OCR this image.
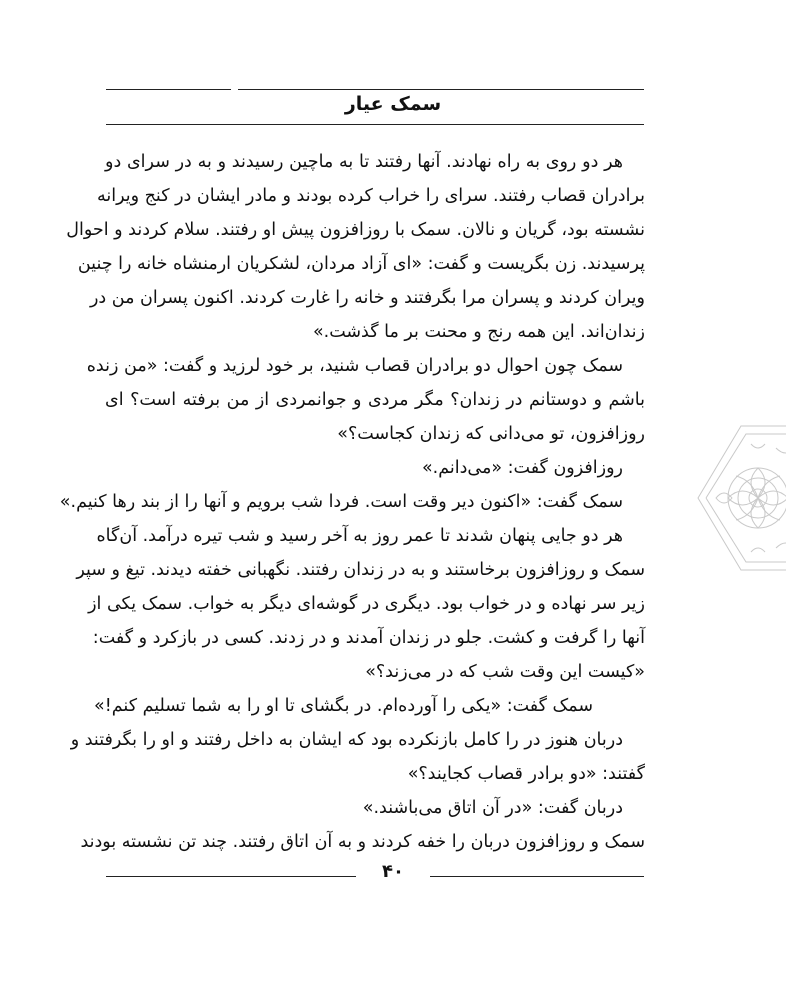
سمک عیار
هر دو روی به راه نهادند. آنها رفتند تا به ماچین رسیدند و به در سرای دو
برادران قصاب رفتند. سرای را خراب کرده بودند و مادر ایشان در کنج ویرانه
نشسته بود، گریان و نالان. سمک با روزافزون پیش او رفتند. سلام کردند و احوال
پرسیدند. زن بگریست و گفت: «ای آزاد مردان، لشکریان ارمنشاه خانه را چنین
ویران کردند و پسران مرا بگرفتند و خانه را غارت کردند. اکنون پسران من در
زندان‌اند. این همه رنج و محنت بر ما گذشت.»
سمک چون احوال دو برادران قصاب شنید، بر خود لرزید و گفت: «من زنده
باشم و دوستانم در زندان؟ مگر مردی و جوانمردی از من برفته است؟ ای
روزافزون، تو می‌دانی که زندان کجاست؟»
روزافزون گفت: «می‌دانم.»
سمک گفت: «اکنون دیر وقت است. فردا شب برویم و آنها را از بند رها کنیم.»
هر دو جایی پنهان شدند تا عمر روز به آخر رسید و شب تیره درآمد. آن‌گاه
سمک و روزافزون برخاستند و به در زندان رفتند. نگهبانی خفته دیدند. تیغ و سپر
زیر سر نهاده و در خواب بود. دیگری در گوشه‌ای دیگر به خواب. سمک یکی از
آنها را گرفت و کشت. جلو در زندان آمدند و در زدند. کسی در بازکرد و گفت:
«کیست این وقت شب که در می‌زند؟»
سمک گفت: «یکی را آورده‌ام. در بگشای تا او را به شما تسلیم کنم!»
دربان هنوز در را کامل بازنکرده بود که ایشان به داخل رفتند و او را بگرفتند و
گفتند: «دو برادر قصاب کجایند؟»
دربان گفت: «در آن اتاق می‌باشند.»
سمک و روزافزون دربان را خفه کردند و به آن اتاق رفتند. چند تن نشسته بودند
۴۰
